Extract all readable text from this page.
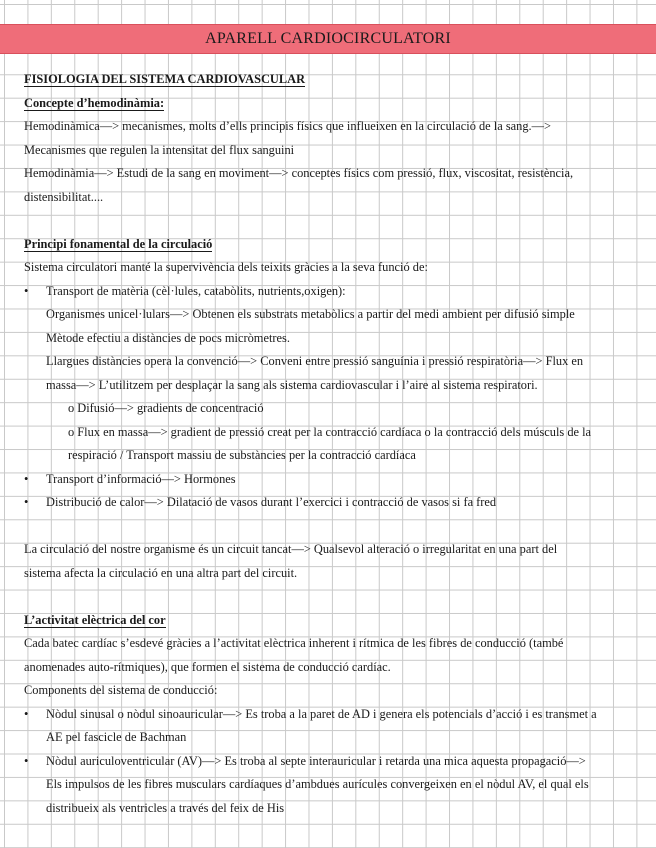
APARELL CARDIOCIRCULATORI
FISIOLOGIA DEL SISTEMA CARDIOVASCULAR
Concepte d’hemodinàmia:
Hemodinàmica—> mecanismes, molts d’ells principis físics que influeixen en la circulació de la sang.—>
Mecanismes que regulen la intensitat del flux sanguini
Hemodinàmia—> Estudi de la sang en moviment—> conceptes físics com pressió, flux, viscositat, resistència,
distensibilitat....
Principi fonamental de la circulació
Sistema circulatori manté la supervivència dels teixits gràcies a la seva funció de:
• Transport de matèria (cèl·lules, catabòlits, nutrients,oxigen):
Organismes unicel·lulars—> Obtenen els substrats metabòlics a partir del medi ambient per difusió simple
Mètode efectiu a distàncies de pocs micròmetres.
Llargues distàncies opera la convenció—> Conveni entre pressió sanguínia i pressió respiratòria—> Flux en
massa—> L’utilitzem per desplaçar la sang als sistema cardiovascular i l’aire al sistema respiratori.
o Difusió—> gradients de concentració
o Flux en massa—> gradient de pressió creat per la contracció cardíaca o la contracció dels músculs de la
respiració / Transport massiu de substàncies per la contracció cardíaca
• Transport d’informació—> Hormones
• Distribució de calor—> Dilatació de vasos durant l’exercici i contracció de vasos si fa fred
La circulació del nostre organisme és un circuit tancat—> Qualsevol alteració o irregularitat en una part del
sistema afecta la circulació en una altra part del circuit.
L’activitat elèctrica del cor
Cada batec cardíac s’esdevé gràcies a l’activitat elèctrica inherent i rítmica de les fibres de conducció (també
anomenades auto-rítmiques), que formen el sistema de conducció cardíac.
Components del sistema de conducció:
• Nòdul sinusal o nòdul sinoauricular—> Es troba a la paret de AD i genera els potencials d’acció i es transmet a
AE pel fascicle de Bachman
• Nòdul auriculoventricular (AV)—> Es troba al septe interauricular i retarda una mica aquesta propagació—>
Els impulsos de les fibres musculars cardíaques d’ambdues aurícules convergeixen en el nòdul AV, el qual els
distribueix als ventricles a través del feix de His
